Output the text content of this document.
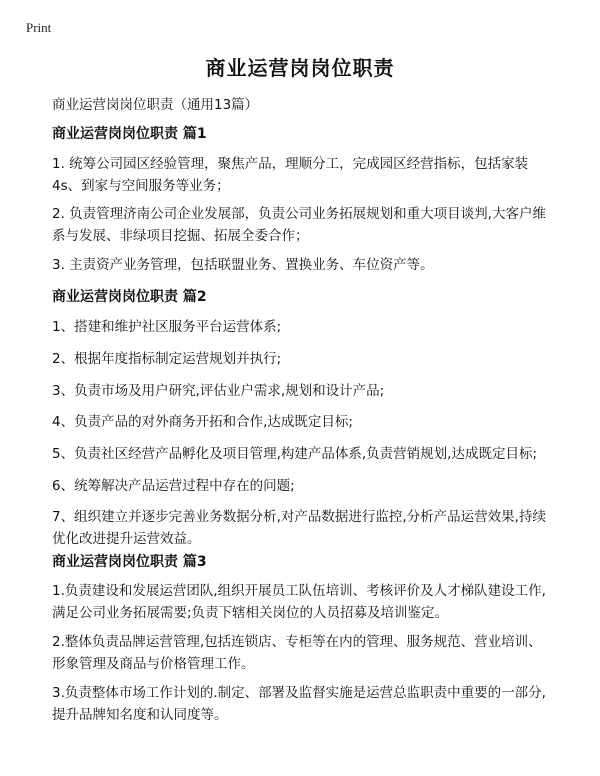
Print
商业运营岗岗位职责
商业运营岗岗位职责（通用13篇）
商业运营岗岗位职责 篇1
1. 统筹公司园区经验管理，聚焦产品，理顺分工，完成园区经营指标，包括家装4s、到家与空间服务等业务；
2. 负责管理济南公司企业发展部，负责公司业务拓展规划和重大项目谈判,大客户维系与发展、非绿项目挖掘、拓展全委合作；
3. 主责资产业务管理，包括联盟业务、置换业务、车位资产等。
商业运营岗岗位职责 篇2
1、搭建和维护社区服务平台运营体系;
2、根据年度指标制定运营规划并执行;
3、负责市场及用户研究,评估业户需求,规划和设计产品;
4、负责产品的对外商务开拓和合作,达成既定目标;
5、负责社区经营产品孵化及项目管理,构建产品体系,负责营销规划,达成既定目标;
6、统筹解决产品运营过程中存在的问题;
7、组织建立并逐步完善业务数据分析,对产品数据进行监控,分析产品运营效果,持续优化改进提升运营效益。
商业运营岗岗位职责 篇3
1.负责建设和发展运营团队,组织开展员工队伍培训、考核评价及人才梯队建设工作,满足公司业务拓展需要;负责下辖相关岗位的人员招募及培训鉴定。
2.整体负责品牌运营管理,包括连锁店、专柜等在内的管理、服务规范、营业培训、形象管理及商品与价格管理工作。
3.负责整体市场工作计划的.制定、部署及监督实施是运营总监职责中重要的一部分,提升品牌知名度和认同度等。
